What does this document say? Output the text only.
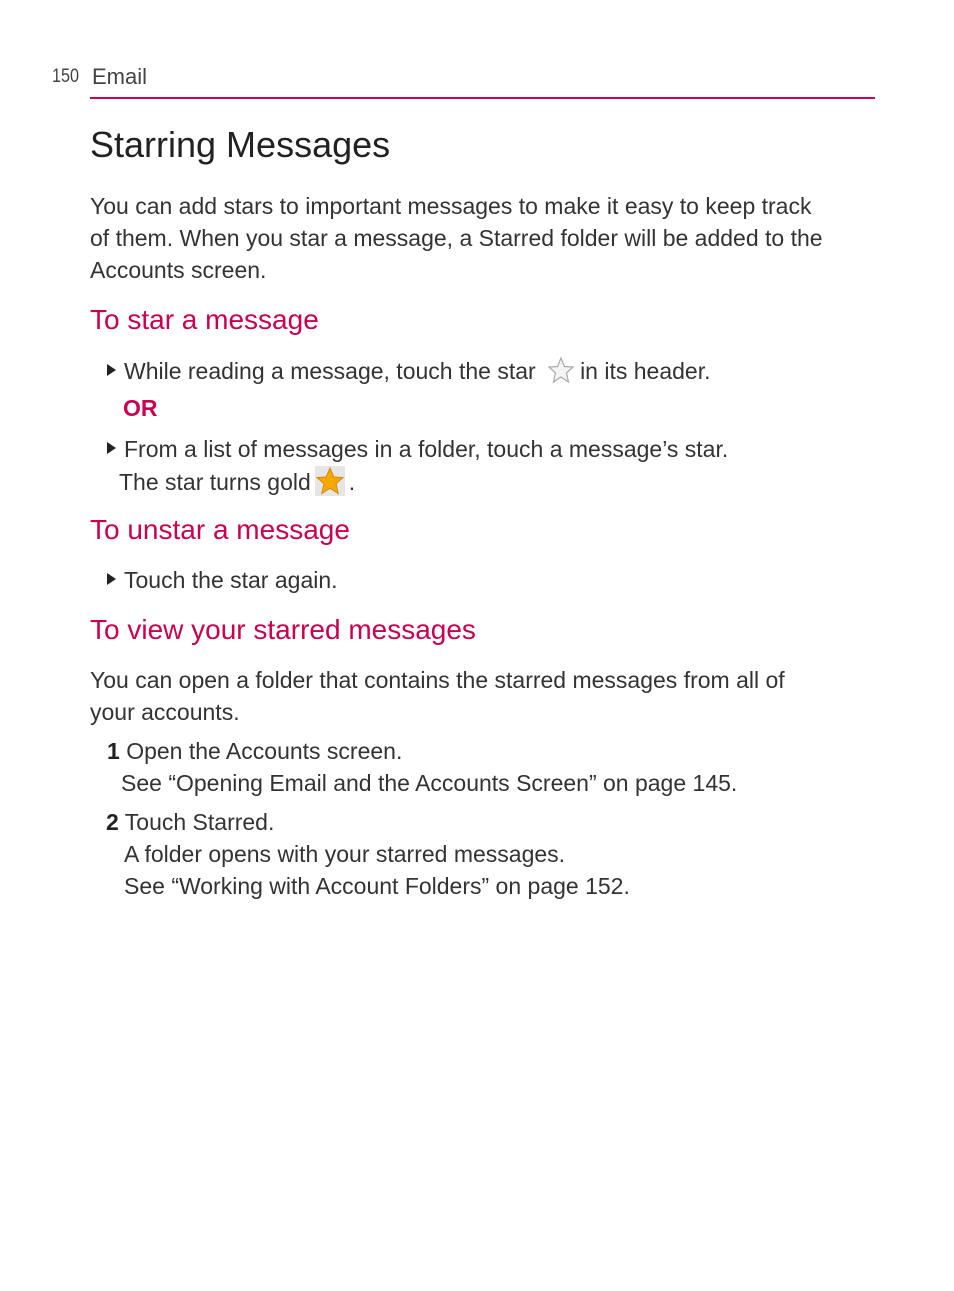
150 Email
Starring Messages
You can add stars to important messages to make it easy to keep track
of them. When you star a message, a Starred folder will be added to the
Accounts screen.
To star a message
While reading a message, touch the star in its header.
OR
From a list of messages in a folder, touch a message’s star.
The star turns gold .
To unstar a message
Touch the star again.
To view your starred messages
You can open a folder that contains the starred messages from all of
your accounts.
1 Open the Accounts screen.
See “Opening Email and the Accounts Screen” on page 145.
2 Touch Starred.
A folder opens with your starred messages.
See “Working with Account Folders” on page 152.
